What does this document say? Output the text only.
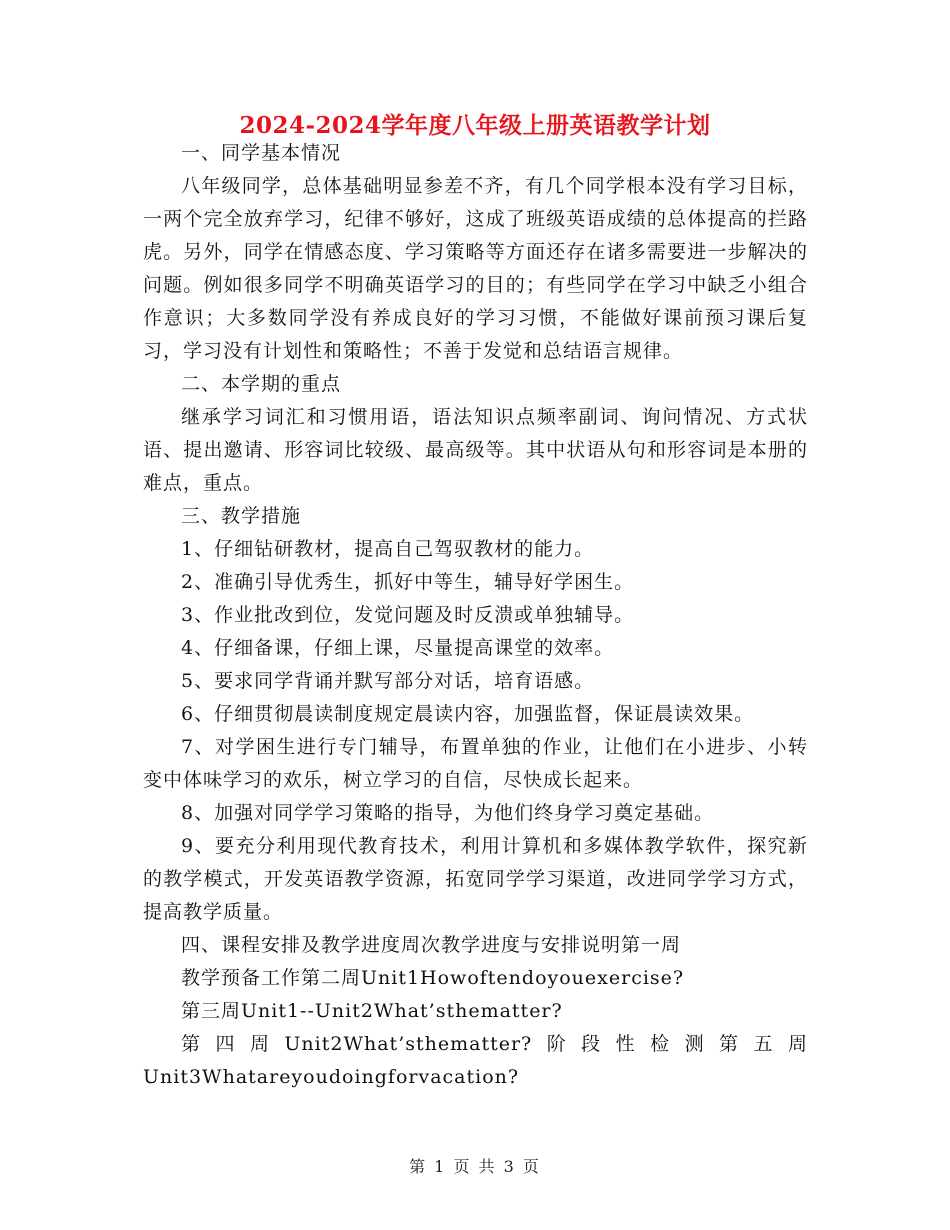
2024-2024学年度八年级上册英语教学计划

一、同学基本情况

八年级同学，总体基础明显参差不齐，有几个同学根本没有学习目标，一两个完全放弃学习，纪律不够好，这成了班级英语成绩的总体提高的拦路虎。另外，同学在情感态度、学习策略等方面还存在诸多需要进一步解决的问题。例如很多同学不明确英语学习的目的；有些同学在学习中缺乏小组合作意识；大多数同学没有养成良好的学习习惯，不能做好课前预习课后复习，学习没有计划性和策略性；不善于发觉和总结语言规律。

二、本学期的重点

继承学习词汇和习惯用语，语法知识点频率副词、询问情况、方式状语、提出邀请、形容词比较级、最高级等。其中状语从句和形容词是本册的难点，重点。

三、教学措施

1、仔细钻研教材，提高自己驾驭教材的能力。

2、准确引导优秀生，抓好中等生，辅导好学困生。

3、作业批改到位，发觉问题及时反溃或单独辅导。

4、仔细备课，仔细上课，尽量提高课堂的效率。

5、要求同学背诵并默写部分对话，培育语感。

6、仔细贯彻晨读制度规定晨读内容，加强监督，保证晨读效果。

7、对学困生进行专门辅导，布置单独的作业，让他们在小进步、小转变中体味学习的欢乐，树立学习的自信，尽快成长起来。

8、加强对同学学习策略的指导，为他们终身学习奠定基础。

9、要充分利用现代教育技术，利用计算机和多媒体教学软件，探究新的教学模式，开发英语教学资源，拓宽同学学习渠道，改进同学学习方式，提高教学质量。

四、课程安排及教学进度周次教学进度与安排说明第一周

教学预备工作第二周Unit1Howoftendoyouexercise?

第三周Unit1--Unit2What’sthematter?

第四周Unit2What’sthematter?阶段性检测第五周Unit3Whatareyoudoingforvacation?

第 1 页 共 3 页
